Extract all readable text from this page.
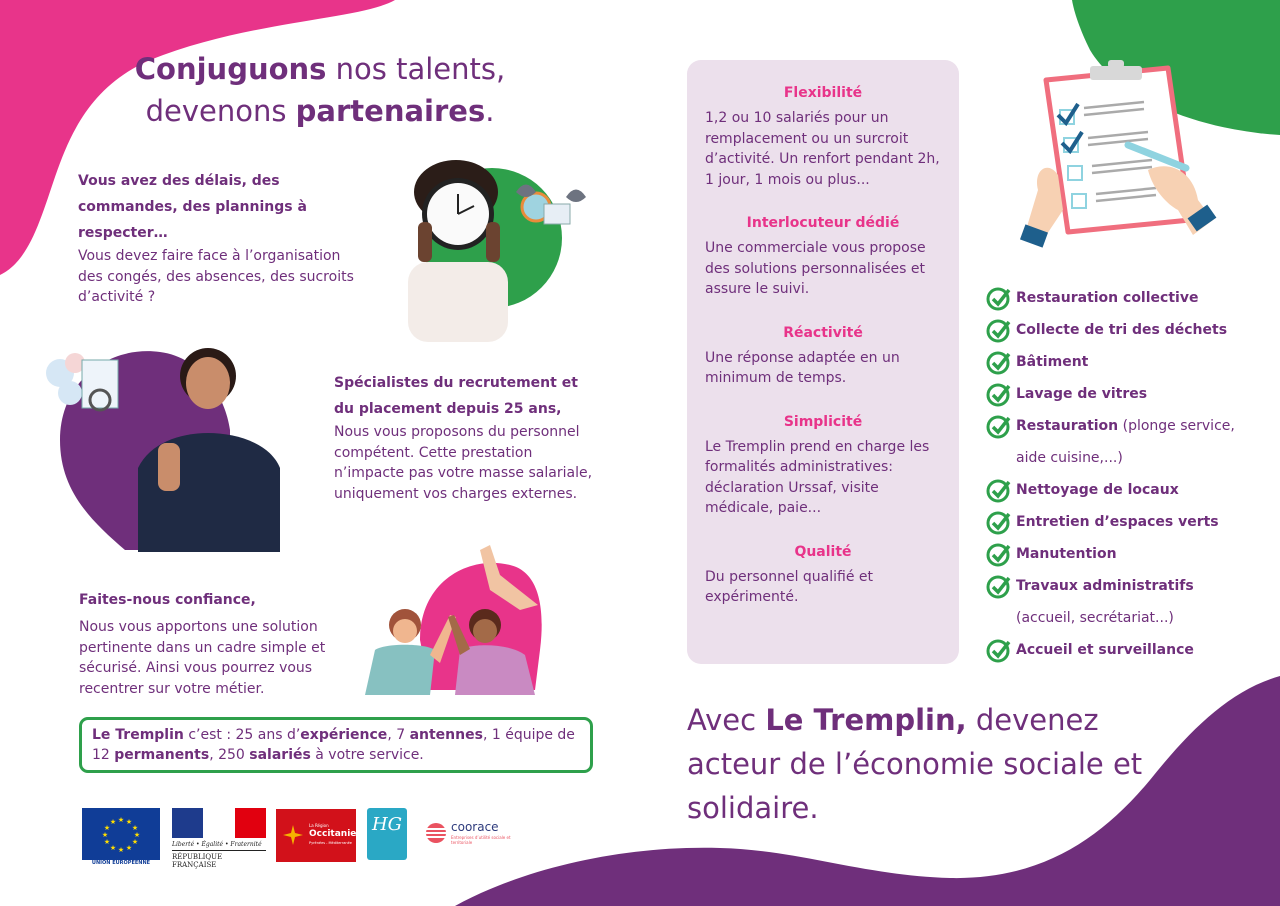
Conjuguons nos talents,
devenons partenaires.
Vous avez des délais, des commandes, des plannings à respecter…
Vous devez faire face à l’organisation des congés, des absences, des sucroits d’activité ?
Spécialistes du recrutement et du placement depuis 25 ans,
Nous vous proposons du personnel compétent. Cette prestation n’impacte pas votre masse salariale, uniquement vos charges externes.
Faites-nous confiance,
Nous vous apportons une solution pertinente dans un cadre simple et sécurisé. Ainsi vous pourrez vous recentrer sur votre métier.
Le Tremplin c’est : 25 ans d’expérience, 7 antennes, 1 équipe de 12 permanents, 250 salariés à votre service.
★ ★
★
★
★
★
★
★
★
★
★
★
UNION EUROPÉENNE
Liberté • Égalité • Fraternité
RÉPUBLIQUE FRANÇAISE
La Région
Occitanie
Pyrénées - Méditerranée
HG	coorace
Entreprises d’utilité sociale et territoriale
Flexibilité
1,2 ou 10 salariés pour un remplacement ou un surcroit d’activité. Un renfort pendant 2h, 1 jour, 1 mois ou plus...
Interlocuteur dédié
Une commerciale vous propose des solutions personnalisées et assure le suivi.
Réactivité
Une réponse adaptée en un minimum de temps.
Simplicité
Le Tremplin prend en charge les formalités administratives: déclaration Urssaf, visite médicale, paie...
Qualité
Du personnel qualifié et expérimenté.
Restauration collective
Collecte de tri des déchets
Bâtiment
Lavage de vitres
Restauration (plonge service, aide cuisine,...)
Nettoyage de locaux
Entretien d’espaces verts
Manutention
Travaux administratifs
(accueil, secrétariat...)
Accueil et surveillance
Avec Le Tremplin, devenez acteur de l’économie sociale et solidaire.
